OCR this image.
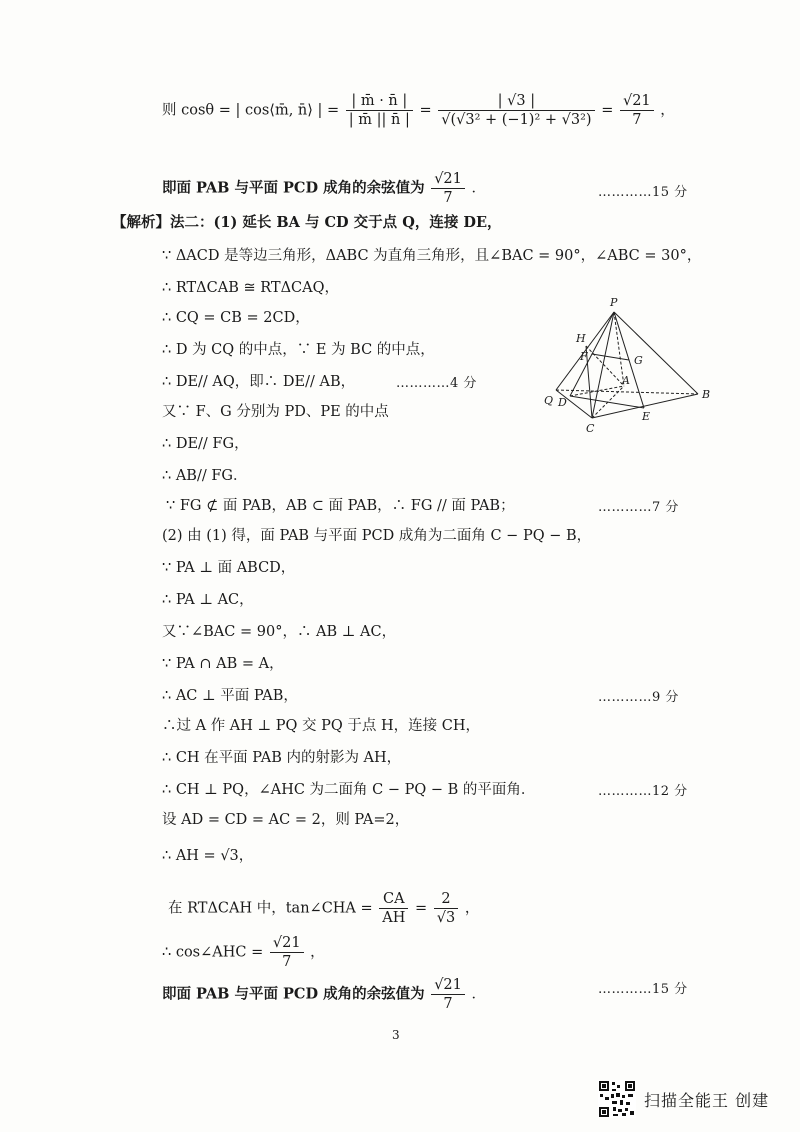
则 cosθ = | cos⟨m̄, n̄⟩ | = $\frac{| m̄ \cdot n̄ |}{| m̄ || n̄ |} = \frac{| √3 |}{\text{√(√3² + (−1)² + √3²)}} = \frac{√21}{7}$ ，
即面 PAB 与平面 PCD 成角的余弦值为 $\frac{√21}{7}$ ．	…………15 分
【解析】法二：(1) 延长 BA 与 CD 交于点 Q，连接 DE，
∵ ΔACD 是等边三角形，ΔABC 为直角三角形，且∠BAC = 90°，∠ABC = 30°，
∴ RTΔCAB ≅ RTΔCAQ，
∴ CQ = CB = 2CD，
∴ D 为 CQ 的中点，∵ E 为 BC 的中点，
∴ DE// AQ，即∴ DE// AB，	…………4 分
又∵ F、G 分别为 PD、PE 的中点
∴ DE// FG，
∴ AB// FG．
∵ FG ⊄ 面 PAB，AB ⊂ 面 PAB，∴ FG // 面 PAB；	…………7 分
(2) 由 (1) 得，面 PAB 与平面 PCD 成角为二面角 C − PQ − B，
∵ PA ⊥ 面 ABCD，
∴ PA ⊥ AC，
又∵∠BAC = 90°，∴ AB ⊥ AC，
∵ PA ∩ AB = A，
∴ AC ⊥ 平面 PAB，	…………9 分
∴过 A 作 AH ⊥ PQ 交 PQ 于点 H，连接 CH，
∴ CH 在平面 PAB 内的射影为 AH，
∴ CH ⊥ PQ，∠AHC 为二面角 C − PQ − B 的平面角．	…………12 分
设 AD = CD = AC = 2，则 PA=2，
∴ AH = √3，
在 RTΔCAH 中，tan∠CHA = $\frac{CA}{AH} = \frac{2}{√3}$ ，
∴ cos∠AHC = $\frac{√21}{7}$ ，
即面 PAB 与平面 PCD 成角的余弦值为 $\frac{√21}{7}$ ．	…………15 分
P
H
F	G
A
B
Q D
E
C
3
扫描全能王 创建
